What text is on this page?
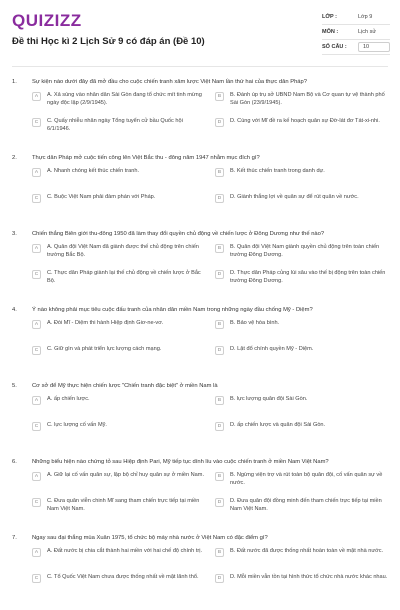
QUIZIZZ
Đề thi Học kì 2 Lịch Sử 9 có đáp án (Đề 10)
LỚP :	Lớp 9
MÔN :	Lịch sử
SỐ CÂU :	10
1.	Sự kiện nào dưới đây đã mở đầu cho cuộc chiến tranh xâm lược Việt Nam lần thứ hai của thực dân Pháp?
A	A. Xả súng vào nhân dân Sài Gòn đang tổ chức mít tinh mừng ngày độc lập (2/9/1945).
B	B. Đánh úp trụ sở UBND Nam Bộ và Cơ quan tự vệ thành phố Sài Gòn (23/9/1945).
C	C. Quấy nhiễu nhân ngày Tổng tuyển cử bầu Quốc hội 6/1/1946.
D	D. Cùng với Mĩ đề ra kế hoạch quân sự Đờ-lát đơ Tát-xi-nhi.
2.	Thực dân Pháp mở cuộc tiến công lên Việt Bắc thu - đông năm 1947 nhằm mục đích gì?
A	A. Nhanh chóng kết thúc chiến tranh.	B	B. Kết thúc chiến tranh trong danh dự.
C	C. Buộc Việt Nam phải đàm phán với Pháp.	D	D. Giành thắng lợi về quân sự để rút quân về nước.
3.	Chiến thắng Biên giới thu-đông 1950 đã làm thay đổi quyền chủ động về chiến lược ở Đông Dương như thế nào?
A	A. Quân đội Việt Nam đã giành được thế chủ động trên chiến trường Bắc Bộ.
B	B. Quân đội Việt Nam giành quyền chủ động trên toàn chiến trường Đông Dương.
C	C. Thực dân Pháp giành lại thế chủ động về chiến lược ở Bắc Bộ.
D	D. Thực dân Pháp củng lùi sâu vào thế bị động trên toàn chiến trường Đông Dương.
4.	Ý nào không phải mục tiêu cuộc đấu tranh của nhân dân miền Nam trong những ngày đầu chống Mỹ - Diệm?
A	A. Đòi Mĩ - Diệm thi hành Hiệp định Giơ-ne-vơ.	B	B. Bảo vệ hòa bình.
C	C. Giữ gìn và phát triển lực lượng cách mạng.	D	D. Lật đổ chính quyền Mỹ - Diệm.
5.	Cơ sở để Mỹ thực hiện chiến lược "Chiến tranh đặc biệt" ở miền Nam là
A	A. ấp chiến lược.	B	B. lực lượng quân đội Sài Gòn.
C	C. lực lượng cố vấn Mỹ.	D	D. ấp chiến lược và quân đội Sài Gòn.
6.	Những biểu hiện nào chứng tỏ sau Hiệp định Pari, Mỹ tiếp tục dính líu vào cuộc chiến tranh ở miền Nam Việt Nam?
A	A. Giữ lại cố vấn quân sự, lập bộ chỉ huy quân sự ở miền Nam.	B	B. Ngừng viện trợ và rút toàn bộ quân đội, cố vấn quân sự về nước.
C	C. Đưa quân viễn chinh Mĩ sang tham chiến trực tiếp tại miền Nam Việt Nam.
D	D. Đưa quân đội đồng minh đến tham chiến trực tiếp tại miền Nam Việt Nam.
7.	Ngay sau đại thắng mùa Xuân 1975, tổ chức bộ máy nhà nước ở Việt Nam có đặc điểm gì?
A	A. Đất nước bị chia cắt thành hai miền với hai chế độ chính trị.	B	B. Đất nước đã được thống nhất hoàn toàn về mặt nhà nước.
C	C. Tổ Quốc Việt Nam chưa được thống nhất về mặt lãnh thổ.	D	D. Mỗi miền vẫn tồn tại hình thức tổ chức nhà nước khác nhau.
